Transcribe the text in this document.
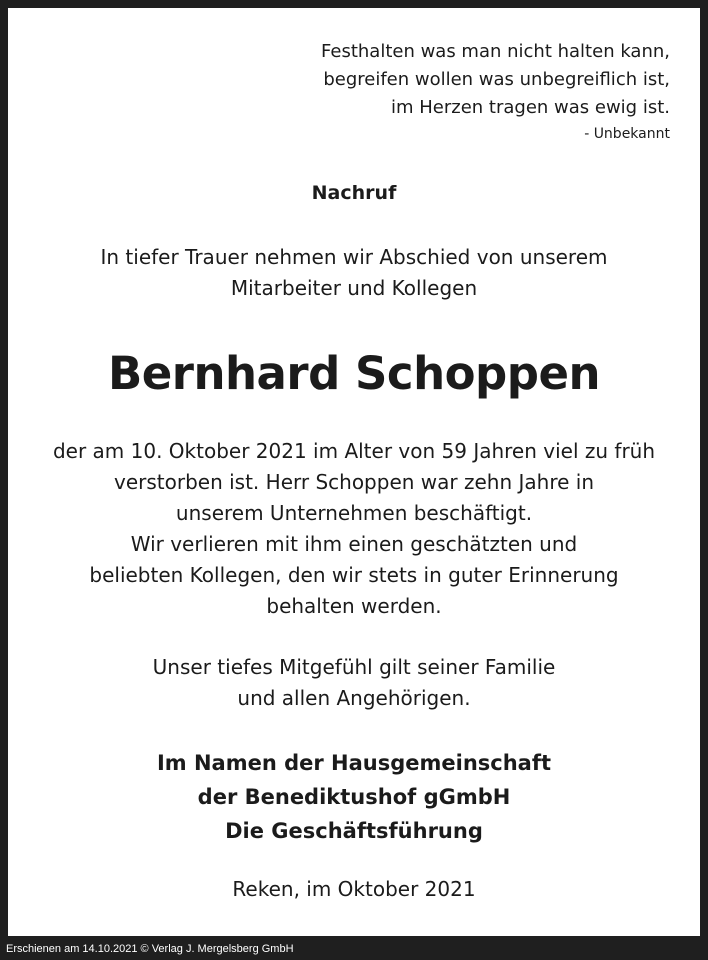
Festhalten was man nicht halten kann,
begreifen wollen was unbegreiflich ist,
im Herzen tragen was ewig ist.
- Unbekannt
Nachruf
In tiefer Trauer nehmen wir Abschied von unserem
Mitarbeiter und Kollegen
Bernhard Schoppen
der am 10. Oktober 2021 im Alter von 59 Jahren viel zu früh
verstorben ist. Herr Schoppen war zehn Jahre in
unserem Unternehmen beschäftigt.
Wir verlieren mit ihm einen geschätzten und
beliebten Kollegen, den wir stets in guter Erinnerung
behalten werden.
Unser tiefes Mitgefühl gilt seiner Familie
und allen Angehörigen.
Im Namen der Hausgemeinschaft
der Benediktushof gGmbH
Die Geschäftsführung
Reken, im Oktober 2021
Erschienen am 14.10.2021 © Verlag J. Mergelsberg GmbH
